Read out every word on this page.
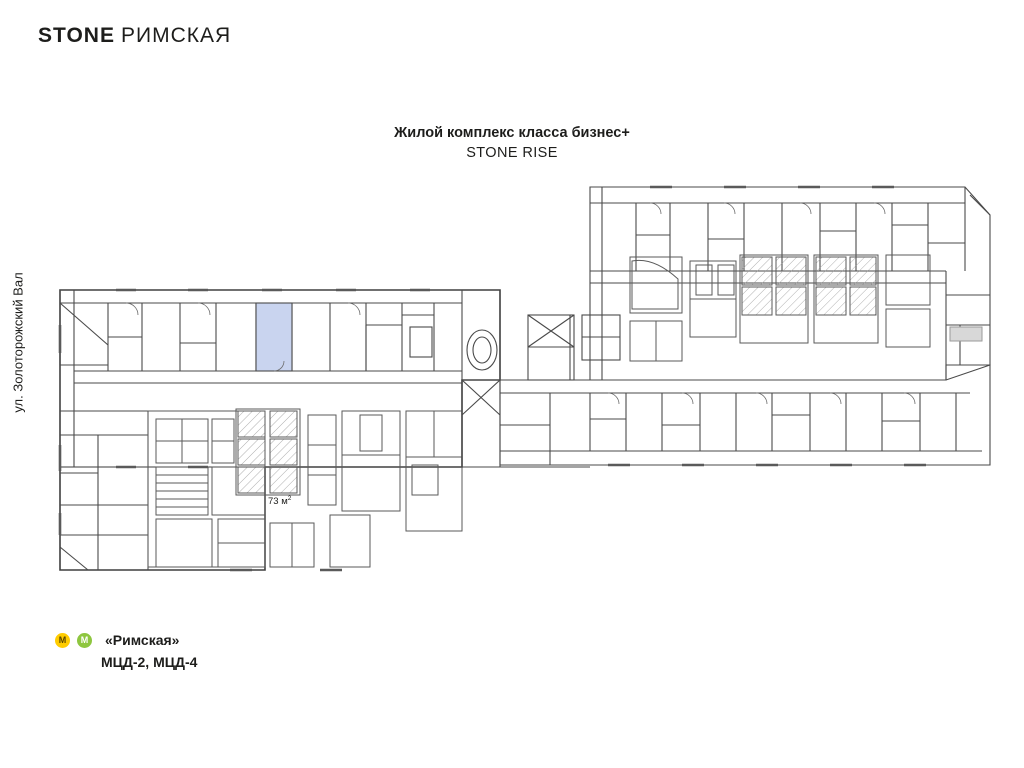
STONE РИМСКАЯ
Жилой комплекс класса бизнес+
STONE RISE
ул. Золоторожский Вал
73 $м^2$
M	M «Римская»
МЦД-2, МЦД-4
